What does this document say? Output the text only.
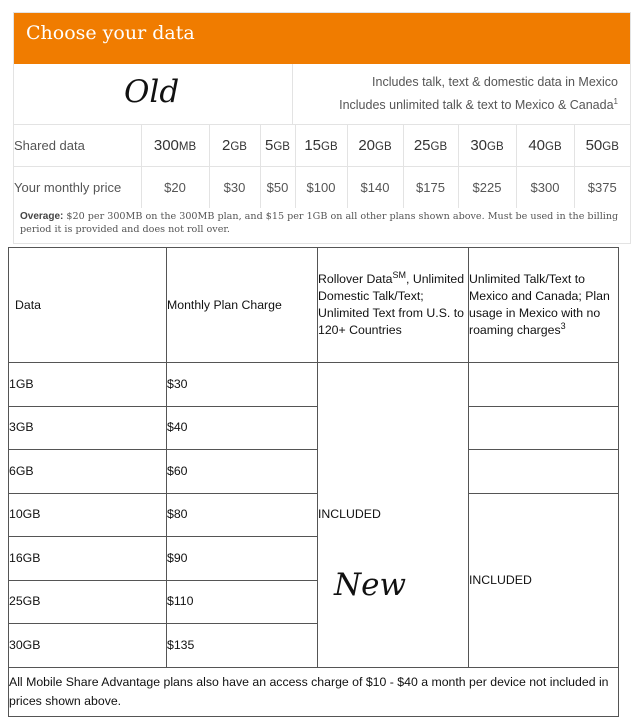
Choose your data
Old	Includes talk, text & domestic data in Mexico
Includes unlimited talk & text to Mexico & Canada$^1$
Shared data	300MB	2GB	5GB	15GB	20GB	25GB	30GB	40GB	50GB
Your monthly price	$20	$30	$50	$100	$140	$175	$225	$300	$375
Overage: $20 per 300MB on the 300MB plan, and $15 per 1GB on all other plans shown above. Must be used in the billing period it is provided and does not roll over.
Data	Monthly Plan Charge	Rollover Data℠, Unlimited Domestic Talk/Text; Unlimited Text from U.S. to 120+ Countries	Unlimited Talk/Text to Mexico and Canada; Plan usage in Mexico with no roaming charges$^3$
1GB	$30	INCLUDED	
3GB	$40		
6GB	$60		
10GB	$80		INCLUDED
16GB	$90		
25GB	$110		
30GB	$135		
All Mobile Share Advantage plans also have an access charge of $10 - $40 a month per device not included in prices shown above.			
New
